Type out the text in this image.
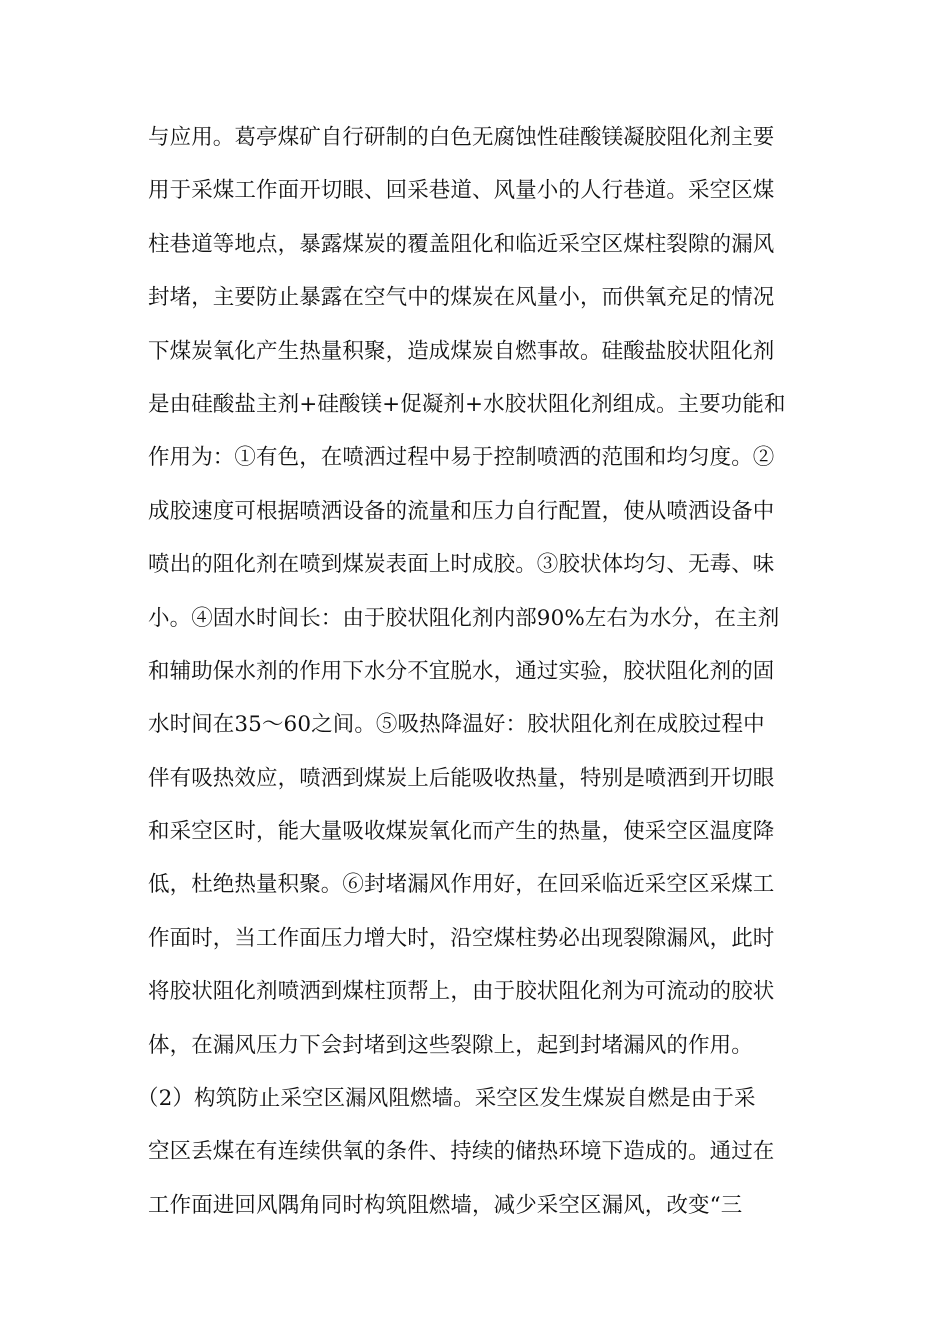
与应用。葛亭煤矿自行研制的白色无腐蚀性硅酸镁凝胶阻化剂主要
用于采煤工作面开切眼、回采巷道、风量小的人行巷道。采空区煤
柱巷道等地点，暴露煤炭的覆盖阻化和临近采空区煤柱裂隙的漏风
封堵，主要防止暴露在空气中的煤炭在风量小，而供氧充足的情况
下煤炭氧化产生热量积聚，造成煤炭自燃事故。硅酸盐胶状阻化剂
是由硅酸盐主剂+硅酸镁+促凝剂+水胶状阻化剂组成。主要功能和
作用为：①有色，在喷洒过程中易于控制喷洒的范围和均匀度。②
成胶速度可根据喷洒设备的流量和压力自行配置，使从喷洒设备中
喷出的阻化剂在喷到煤炭表面上时成胶。③胶状体均匀、无毒、味
小。④固水时间长：由于胶状阻化剂内部90%左右为水分，在主剂
和辅助保水剂的作用下水分不宜脱水，通过实验，胶状阻化剂的固
水时间在35～60之间。⑤吸热降温好：胶状阻化剂在成胶过程中
伴有吸热效应，喷洒到煤炭上后能吸收热量，特别是喷洒到开切眼
和采空区时，能大量吸收煤炭氧化而产生的热量，使采空区温度降
低，杜绝热量积聚。⑥封堵漏风作用好，在回采临近采空区采煤工
作面时，当工作面压力增大时，沿空煤柱势必出现裂隙漏风，此时
将胶状阻化剂喷洒到煤柱顶帮上，由于胶状阻化剂为可流动的胶状
体，在漏风压力下会封堵到这些裂隙上，起到封堵漏风的作用。
（2）构筑防止采空区漏风阻燃墙。采空区发生煤炭自燃是由于采
空区丢煤在有连续供氧的条件、持续的储热环境下造成的。通过在
工作面进回风隅角同时构筑阻燃墙，减少采空区漏风，改变“三
